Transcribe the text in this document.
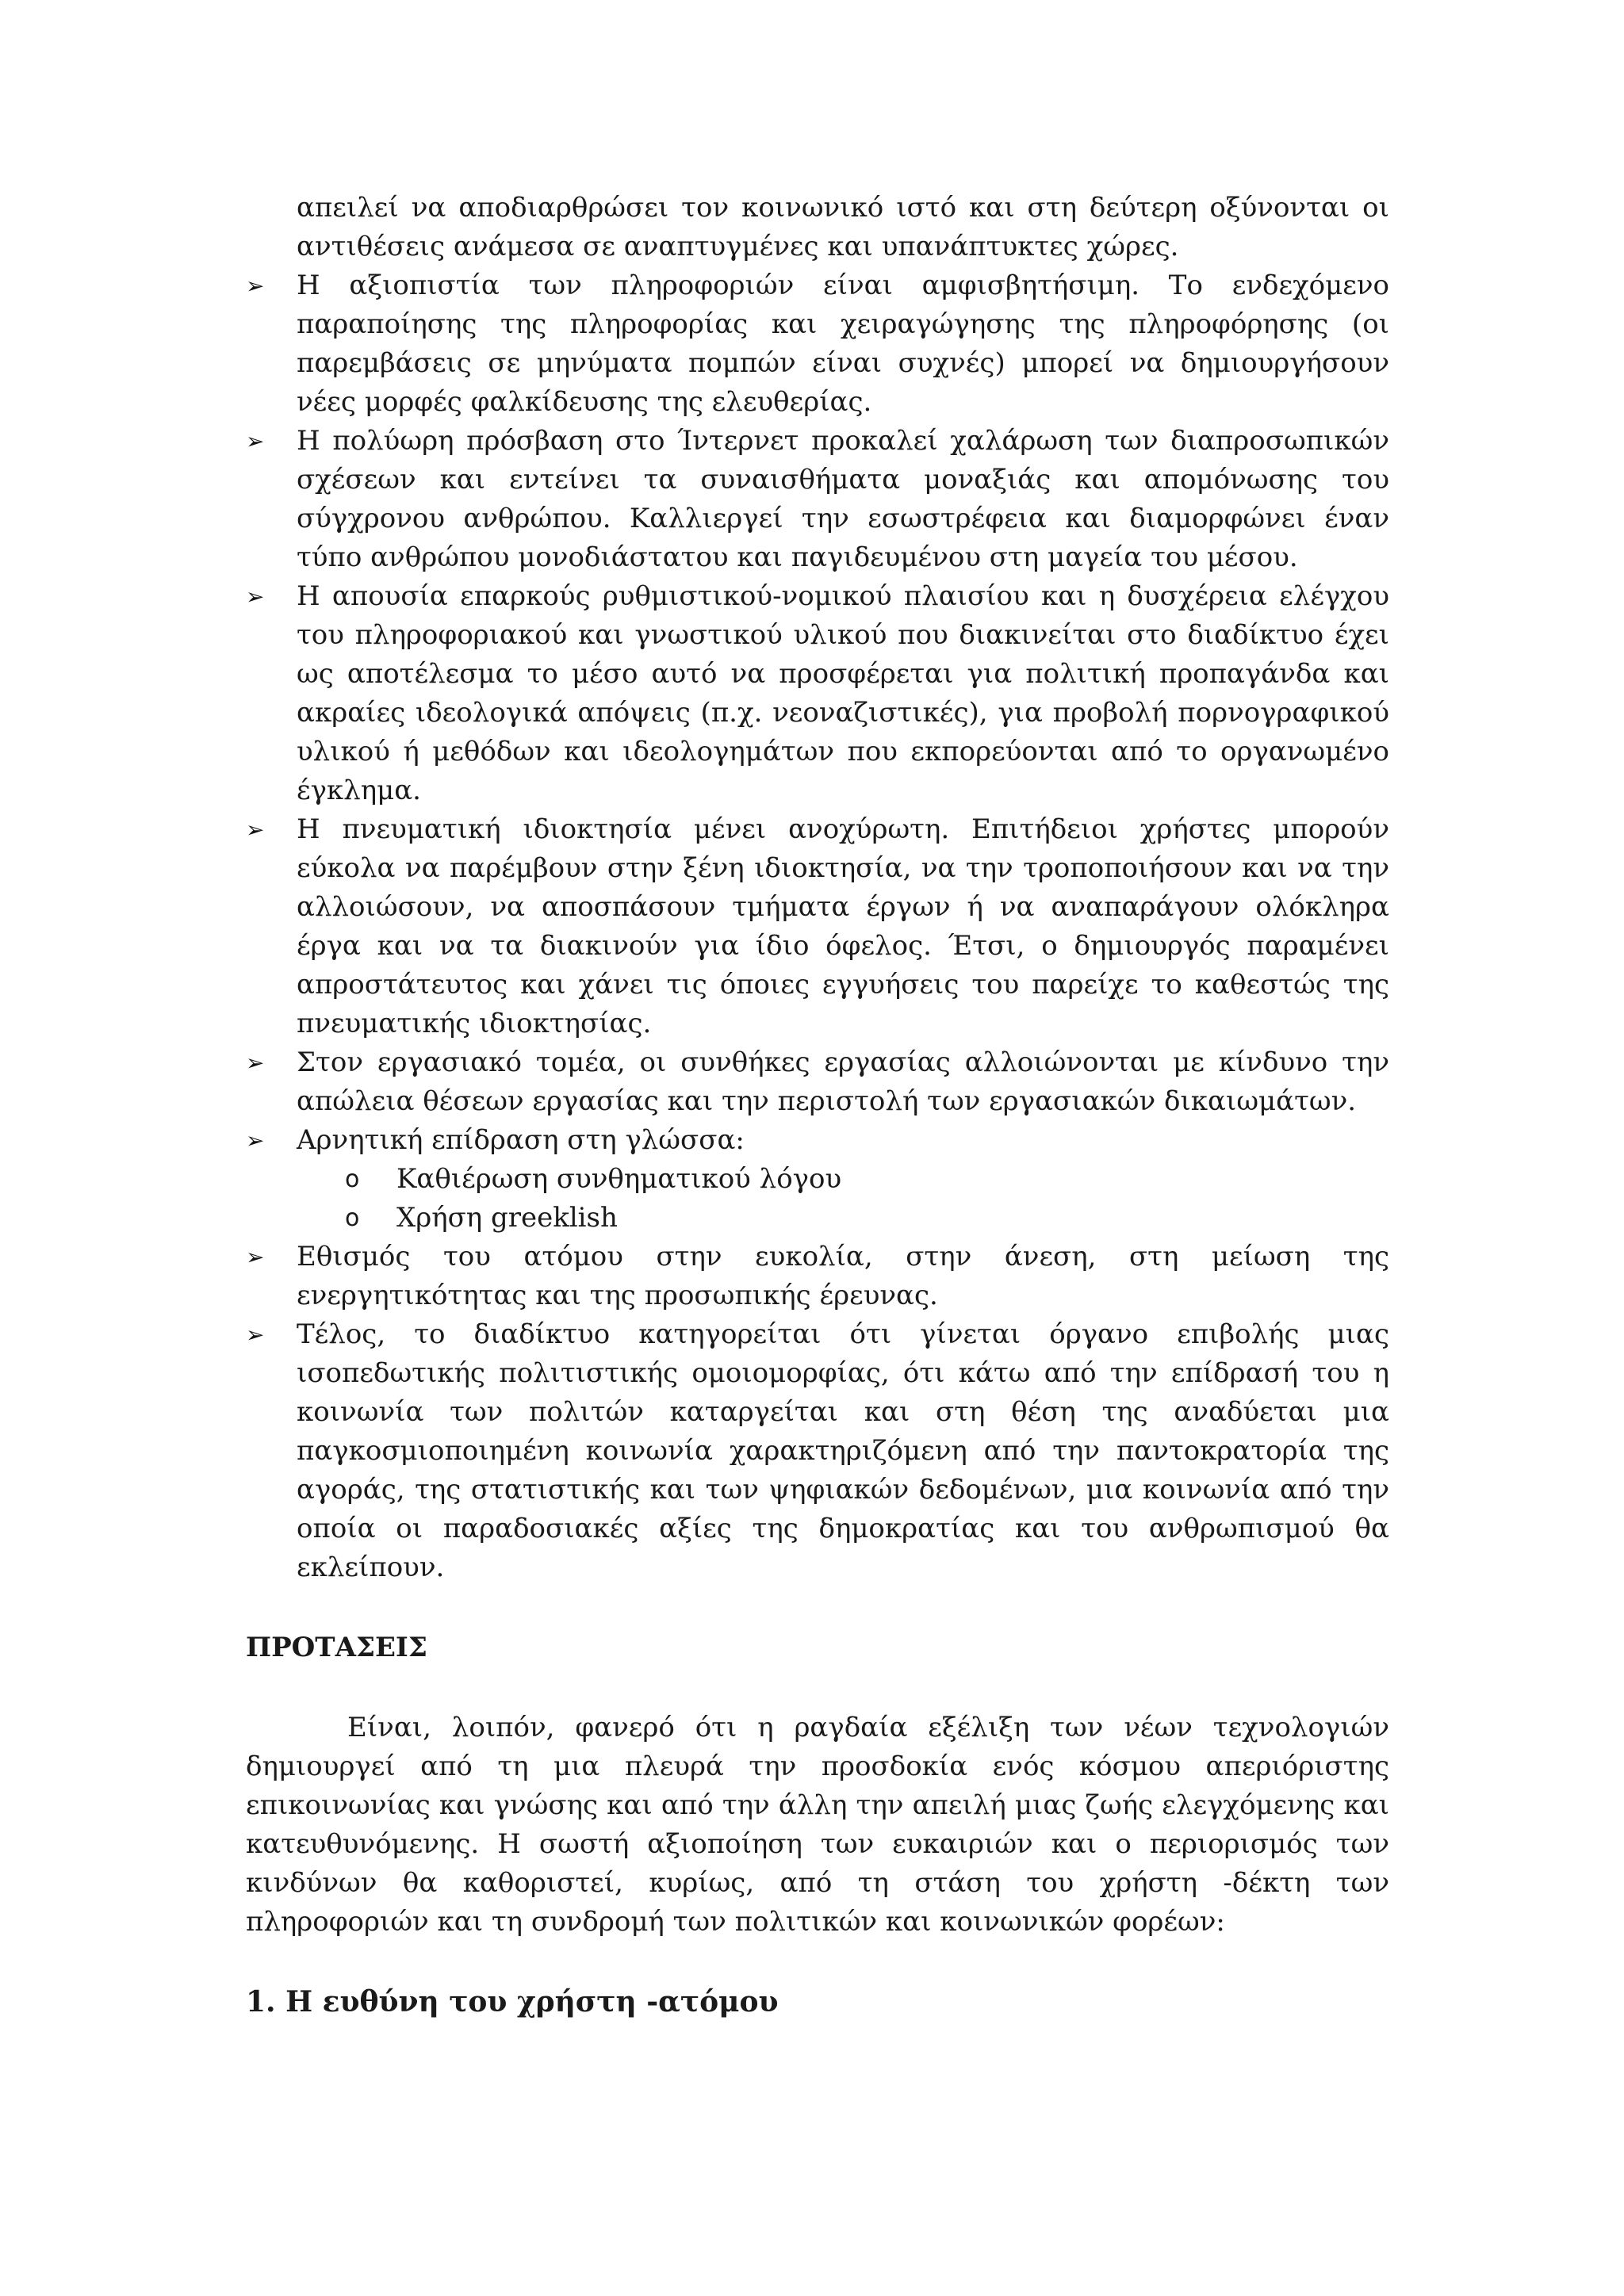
απειλεί να αποδιαρθρώσει τον κοινωνικό ιστό και στη δεύτερη οξύνονται οι αντιθέσεις ανάμεσα σε αναπτυγμένες και υπανάπτυκτες χώρες.

➢ Η αξιοπιστία των πληροφοριών είναι αμφισβητήσιμη. Το ενδεχόμενο παραποίησης της πληροφορίας και χειραγώγησης της πληροφόρησης (οι παρεμβάσεις σε μηνύματα πομπών είναι συχνές) μπορεί να δημιουργήσουν νέες μορφές φαλκίδευσης της ελευθερίας.
➢ Η πολύωρη πρόσβαση στο Ίντερνετ προκαλεί χαλάρωση των διαπροσωπικών σχέσεων και εντείνει τα συναισθήματα μοναξιάς και απομόνωσης του σύγχρονου ανθρώπου. Καλλιεργεί την εσωστρέφεια και διαμορφώνει έναν τύπο ανθρώπου μονοδιάστατου και παγιδευμένου στη μαγεία του μέσου.
➢ Η απουσία επαρκούς ρυθμιστικού-νομικού πλαισίου και η δυσχέρεια ελέγχου του πληροφοριακού και γνωστικού υλικού που διακινείται στο διαδίκτυο έχει ως αποτέλεσμα το μέσο αυτό να προσφέρεται για πολιτική προπαγάνδα και ακραίες ιδεολογικά απόψεις (π.χ. νεοναζιστικές), για προβολή πορνογραφικού υλικού ή μεθόδων και ιδεολογημάτων που εκπορεύονται από το οργανωμένο έγκλημα.
➢ Η πνευματική ιδιοκτησία μένει ανοχύρωτη. Επιτήδειοι χρήστες μπορούν εύκολα να παρέμβουν στην ξένη ιδιοκτησία, να την τροποποιήσουν και να την αλλοιώσουν, να αποσπάσουν τμήματα έργων ή να αναπαράγουν ολόκληρα έργα και να τα διακινούν για ίδιο όφελος. Έτσι, ο δημιουργός παραμένει απροστάτευτος και χάνει τις όποιες εγγυήσεις του παρείχε το καθεστώς της πνευματικής ιδιοκτησίας.
➢ Στον εργασιακό τομέα, οι συνθήκες εργασίας αλλοιώνονται με κίνδυνο την απώλεια θέσεων εργασίας και την περιστολή των εργασιακών δικαιωμάτων.
➢ Αρνητική επίδραση στη γλώσσα:
o Καθιέρωση συνθηματικού λόγου
o Χρήση greeklish
➢ Εθισμός του ατόμου στην ευκολία, στην άνεση, στη μείωση της ενεργητικότητας και της προσωπικής έρευνας.
➢ Τέλος, το διαδίκτυο κατηγορείται ότι γίνεται όργανο επιβολής μιας ισοπεδωτικής πολιτιστικής ομοιομορφίας, ότι κάτω από την επίδρασή του η κοινωνία των πολιτών καταργείται και στη θέση της αναδύεται μια παγκοσμιοποιημένη κοινωνία χαρακτηριζόμενη από την παντοκρατορία της αγοράς, της στατιστικής και των ψηφιακών δεδομένων, μια κοινωνία από την οποία οι παραδοσιακές αξίες της δημοκρατίας και του ανθρωπισμού θα εκλείπουν.
ΠΡΟΤΑΣΕΙΣ

Είναι, λοιπόν, φανερό ότι η ραγδαία εξέλιξη των νέων τεχνολογιών δημιουργεί από τη μια πλευρά την προσδοκία ενός κόσμου απεριόριστης επικοινωνίας και γνώσης και από την άλλη την απειλή μιας ζωής ελεγχόμενης και κατευθυνόμενης. Η σωστή αξιοποίηση των ευκαιριών και ο περιορισμός των κινδύνων θα καθοριστεί, κυρίως, από τη στάση του χρήστη -δέκτη των πληροφοριών και τη συνδρομή των πολιτικών και κοινωνικών φορέων:

1. Η ευθύνη του χρήστη -ατόμου
